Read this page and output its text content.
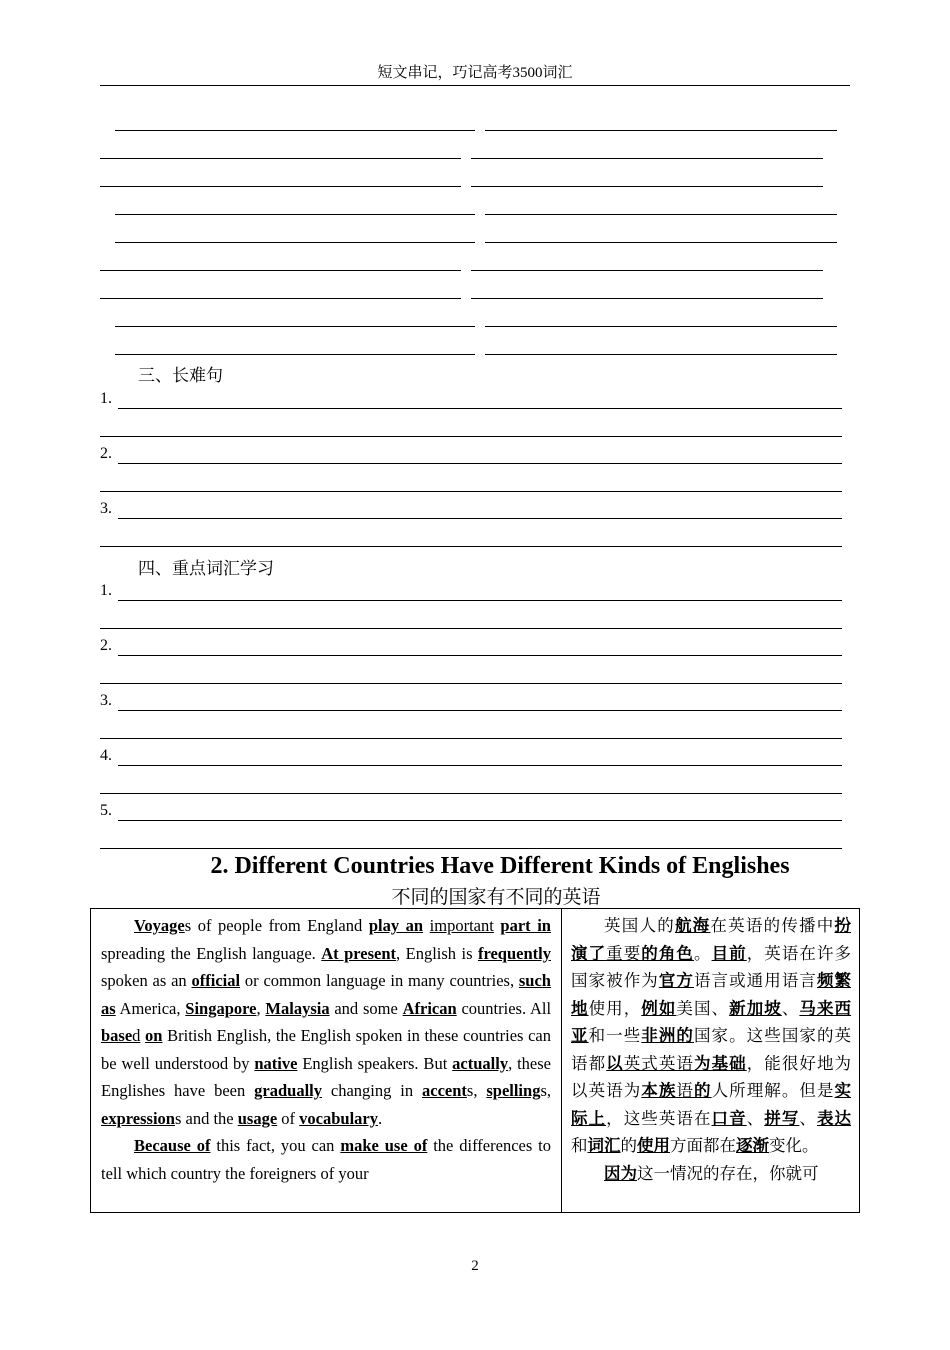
短文串记，巧记高考3500词汇
三、长难句
1.
2.
3.
四、重点词汇学习
1.
2.
3.
4.
5.
2. Different Countries Have Different Kinds of Englishes
不同的国家有不同的英语

Voyages of people from England play an important part in spreading the English language. At present, English is frequently spoken as an official or common language in many countries, such as America, Singapore, Malaysia and some African countries. All based on British English, the English spoken in these countries can be well understood by native English speakers. But actually, these Englishes have been gradually changing in accents, spellings, expressions and the usage of vocabulary.

Because of this fact, you can make use of the differences to tell which country the foreigners of your

英国人的航海在英语的传播中扮演了重要的角色。目前，英语在许多国家被作为官方语言或通用语言频繁地使用，例如美国、新加坡、马来西亚和一些非洲的国家。这些国家的英语都以英式英语为基础，能很好地为以英语为本族语的人所理解。但是实际上，这些英语在口音、拼写、表达和词汇的使用方面都在逐渐变化。

因为这一情况的存在，你就可

2
